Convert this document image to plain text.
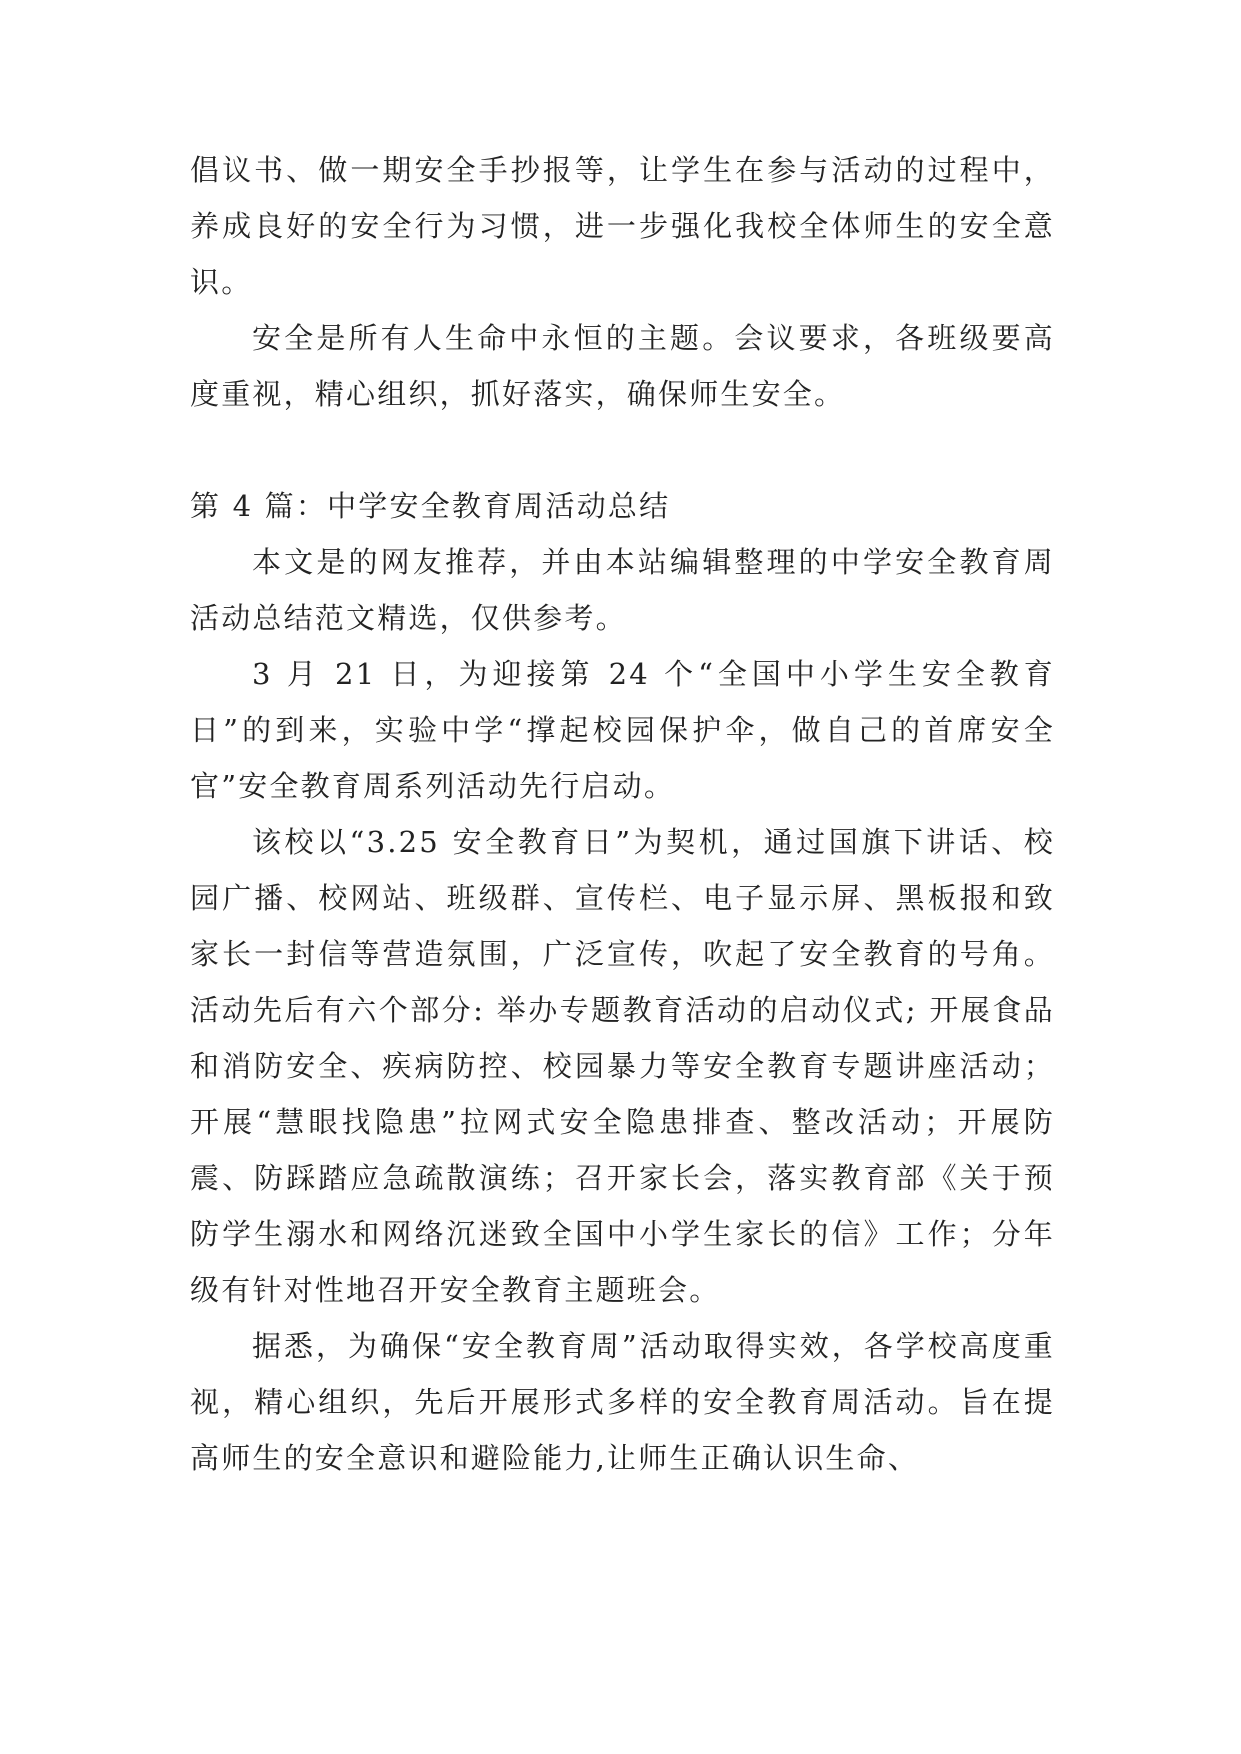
倡议书、做一期安全手抄报等，让学生在参与活动的过程中，养成良好的安全行为习惯，进一步强化我校全体师生的安全意识。

安全是所有人生命中永恒的主题。会议要求，各班级要高度重视，精心组织，抓好落实，确保师生安全。

第 4 篇：中学安全教育周活动总结

本文是的网友推荐，并由本站编辑整理的中学安全教育周活动总结范文精选，仅供参考。

3 月 21 日，为迎接第 24 个“全国中小学生安全教育日”的到来，实验中学“撑起校园保护伞，做自己的首席安全官”安全教育周系列活动先行启动。

该校以“3.25 安全教育日”为契机，通过国旗下讲话、校园广播、校网站、班级群、宣传栏、电子显示屏、黑板报和致家长一封信等营造氛围，广泛宣传，吹起了安全教育的号角。活动先后有六个部分: 举办专题教育活动的启动仪式; 开展食品和消防安全、疾病防控、校园暴力等安全教育专题讲座活动；开展“慧眼找隐患”拉网式安全隐患排查、整改活动；开展防震、防踩踏应急疏散演练；召开家长会，落实教育部《关于预防学生溺水和网络沉迷致全国中小学生家长的信》工作；分年级有针对性地召开安全教育主题班会。

据悉，为确保“安全教育周”活动取得实效，各学校高度重视，精心组织，先后开展形式多样的安全教育周活动。旨在提高师生的安全意识和避险能力,让师生正确认识生命、
